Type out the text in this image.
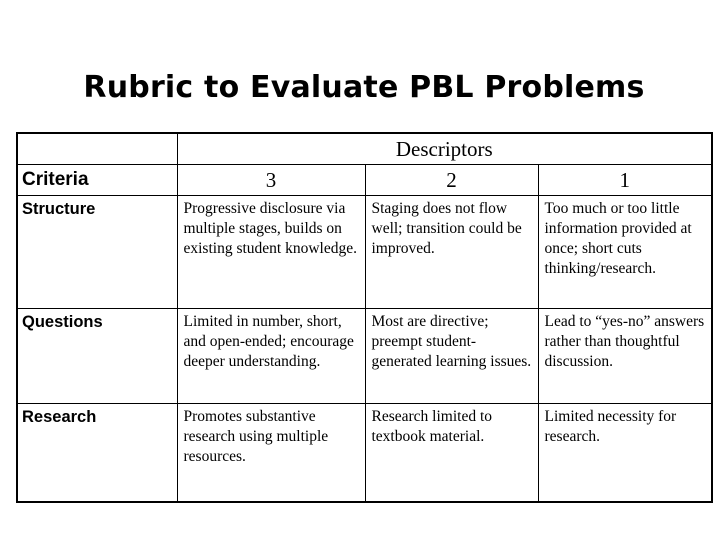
Rubric to Evaluate PBL Problems
	Descriptors		
Criteria	3	2	1
Structure	Progressive disclosure via multiple stages, builds on existing student knowledge.	Staging does not flow well; transition could be improved.	Too much or too little information provided at once; short cuts thinking/research.
Questions	Limited in number, short, and open-ended; encourage deeper understanding.	Most are directive; preempt student-generated learning issues.	Lead to “yes-no” answers rather than thoughtful discussion.
Research	Promotes substantive research using multiple resources.	Research limited to textbook material.	Limited necessity for research.
